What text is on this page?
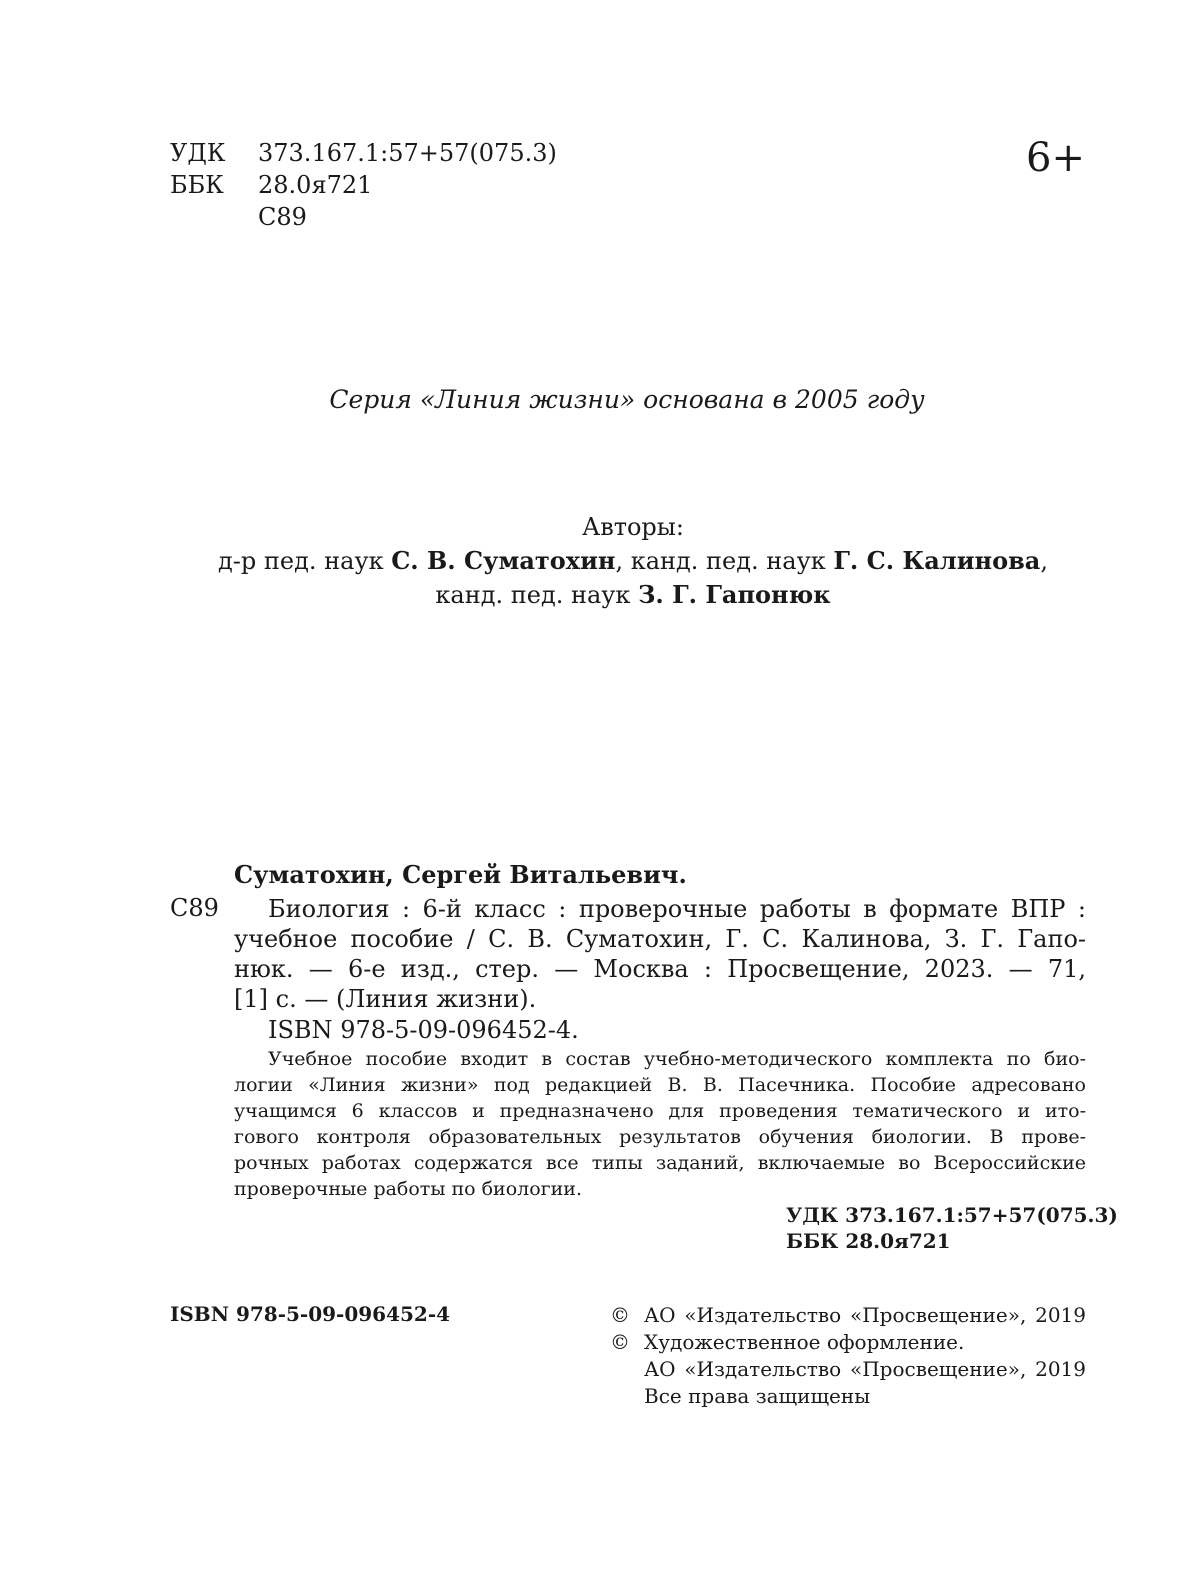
УДК 373.167.1:57+57(075.3)
ББК 28.0я721
С89
6+
Серия «Линия жизни» основана в 2005 году
Авторы:
д-р пед. наук С. В. Суматохин, канд. пед. наук Г. С. Калинова,
канд. пед. наук З. Г. Гапонюк
Суматохин, Сергей Витальевич.
С89	Биология : 6-й класс : проверочные работы в формате ВПР :
учебное пособие / С. В. Суматохин, Г. С. Калинова, З. Г. Гапо-
нюк. — 6-е изд., стер. — Москва : Просвещение, 2023. — 71,
[1] с. — (Линия жизни).
ISBN 978-5-09-096452-4.
Учебное пособие входит в состав учебно-методического комплекта по био-
логии «Линия жизни» под редакцией В. В. Пасечника. Пособие адресовано
учащимся 6 классов и предназначено для проведения тематического и ито-
гового контроля образовательных результатов обучения биологии. В прове-
рочных работах содержатся все типы заданий, включаемые во Всероссийские
проверочные работы по биологии.
УДК 373.167.1:57+57(075.3)
ББК 28.0я721
ISBN 978-5-09-096452-4	© АО «Издательство «Просвещение», 2019
© Художественное оформление.
АО «Издательство «Просвещение», 2019
Все права защищены
